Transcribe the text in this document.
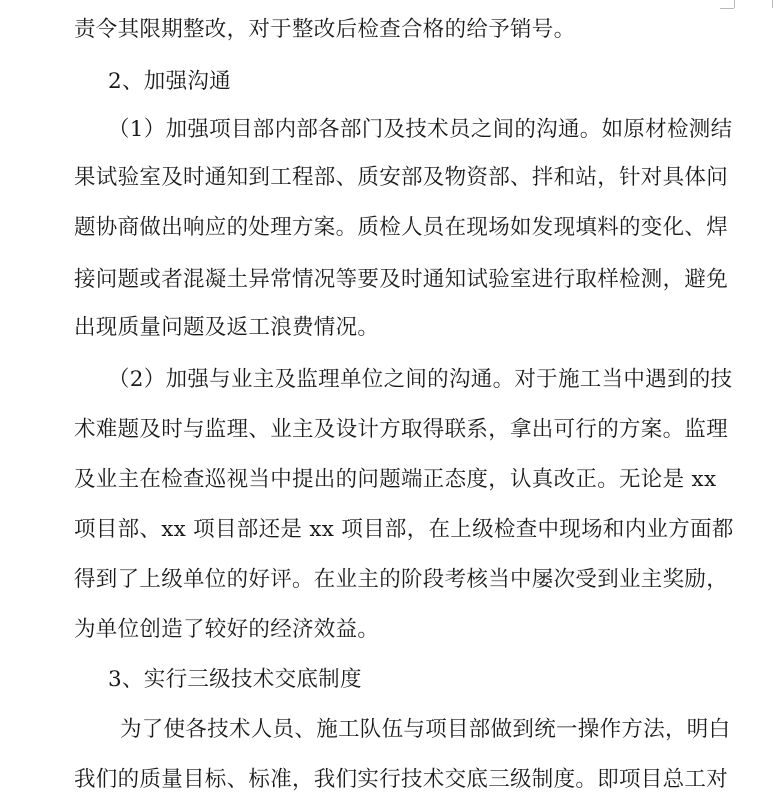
责令其限期整改，对于整改后检查合格的给予销号。
2、加强沟通
（1）加强项目部内部各部门及技术员之间的沟通。如原材检测结
果试验室及时通知到工程部、质安部及物资部、拌和站，针对具体问
题协商做出响应的处理方案。质检人员在现场如发现填料的变化、焊
接问题或者混凝土异常情况等要及时通知试验室进行取样检测，避免
出现质量问题及返工浪费情况。
（2）加强与业主及监理单位之间的沟通。对于施工当中遇到的技
术难题及时与监理、业主及设计方取得联系，拿出可行的方案。监理
及业主在检查巡视当中提出的问题端正态度，认真改正。无论是 xx
项目部、xx 项目部还是 xx 项目部，在上级检查中现场和内业方面都
得到了上级单位的好评。在业主的阶段考核当中屡次受到业主奖励，
为单位创造了较好的经济效益。
3、实行三级技术交底制度
为了使各技术人员、施工队伍与项目部做到统一操作方法，明白
我们的质量目标、标准，我们实行技术交底三级制度。即项目总工对
